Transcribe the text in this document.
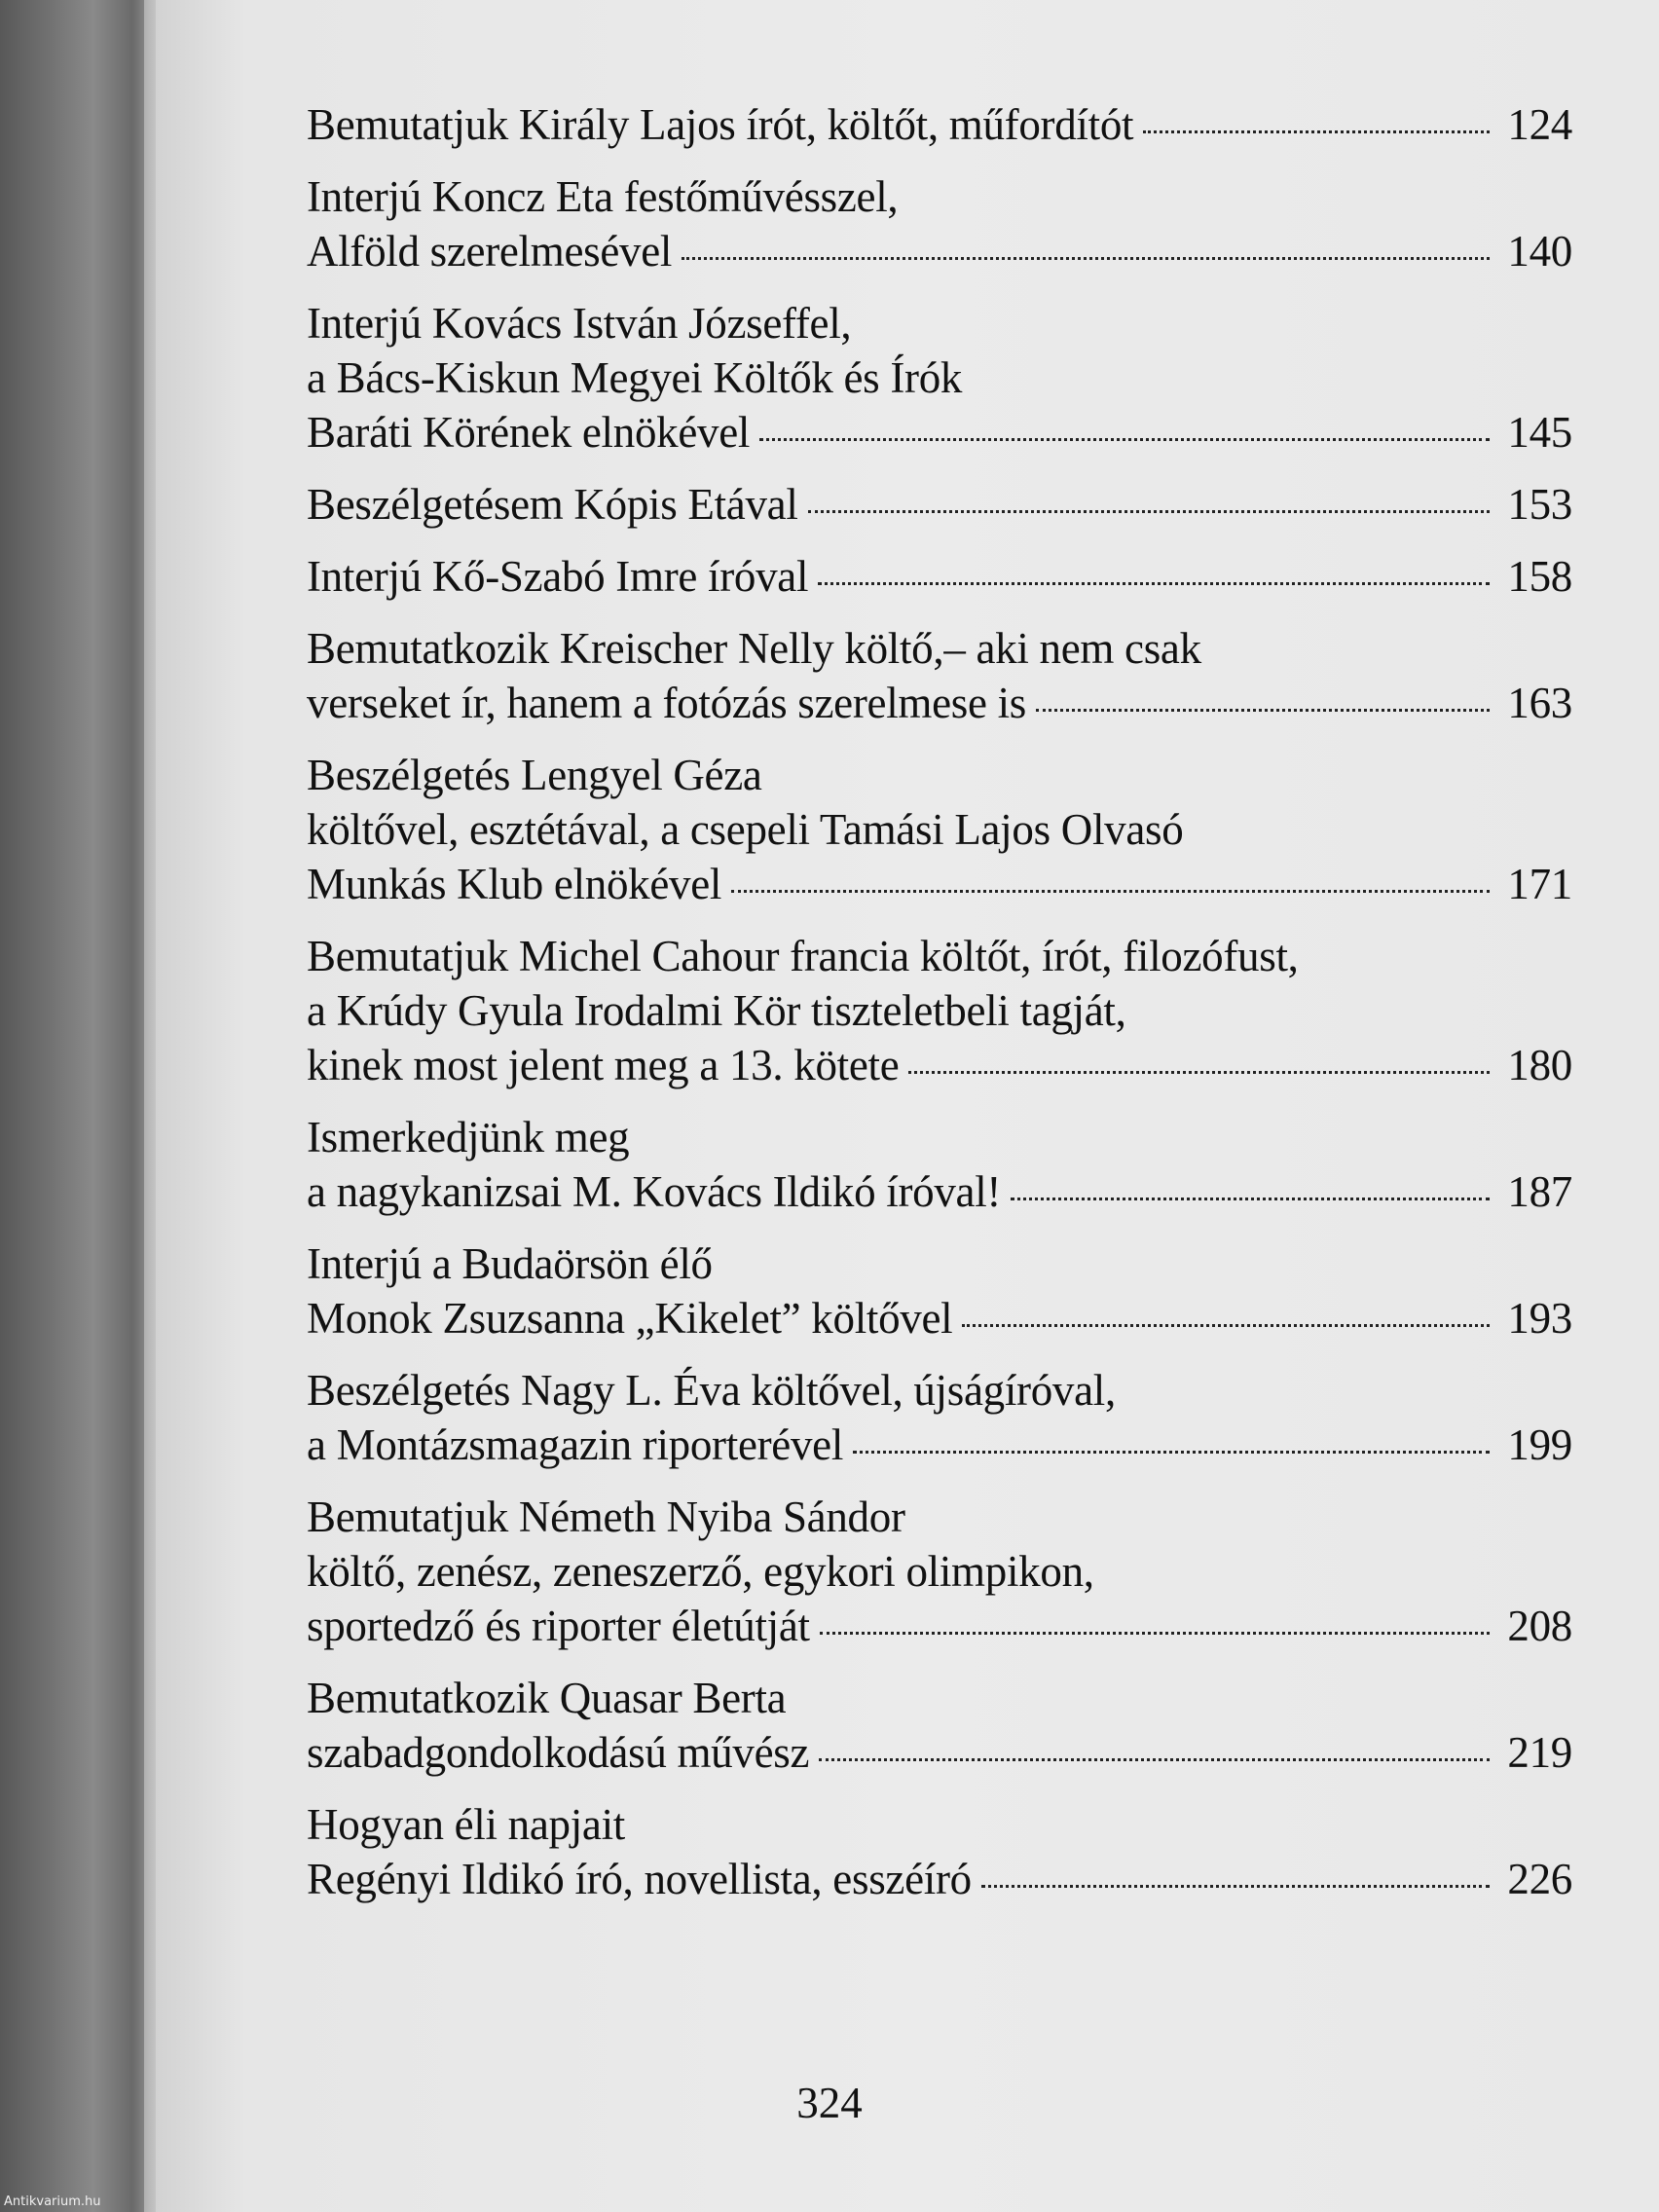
Bemutatjuk Király Lajos írót, költőt, műfordítót	124
Interjú Koncz Eta festőművésszel,
Alföld szerelmesével	140
Interjú Kovács István Józseffel,
a Bács-Kiskun Megyei Költők és Írók
Baráti Körének elnökével	145
Beszélgetésem Kópis Etával	153
Interjú Kő-Szabó Imre íróval	158
Bemutatkozik Kreischer Nelly költő,– aki nem csak
verseket ír, hanem a fotózás szerelmese is	163
Beszélgetés Lengyel Géza
költővel, esztétával, a csepeli Tamási Lajos Olvasó
Munkás Klub elnökével	171
Bemutatjuk Michel Cahour francia költőt, írót, filozófust,
a Krúdy Gyula Irodalmi Kör tiszteletbeli tagját,
kinek most jelent meg a 13. kötete	180
Ismerkedjünk meg
a nagykanizsai M. Kovács Ildikó íróval!	187
Interjú a Budaörsön élő
Monok Zsuzsanna „Kikelet” költővel	193
Beszélgetés Nagy L. Éva költővel, újságíróval,
a Montázsmagazin riporterével	199
Bemutatjuk Németh Nyiba Sándor
költő, zenész, zeneszerző, egykori olimpikon,
sportedző és riporter életútját	208
Bemutatkozik Quasar Berta
szabadgondolkodású művész	219
Hogyan éli napjait
Regényi Ildikó író, novellista, esszéíró	226
324
Antikvarium.hu
